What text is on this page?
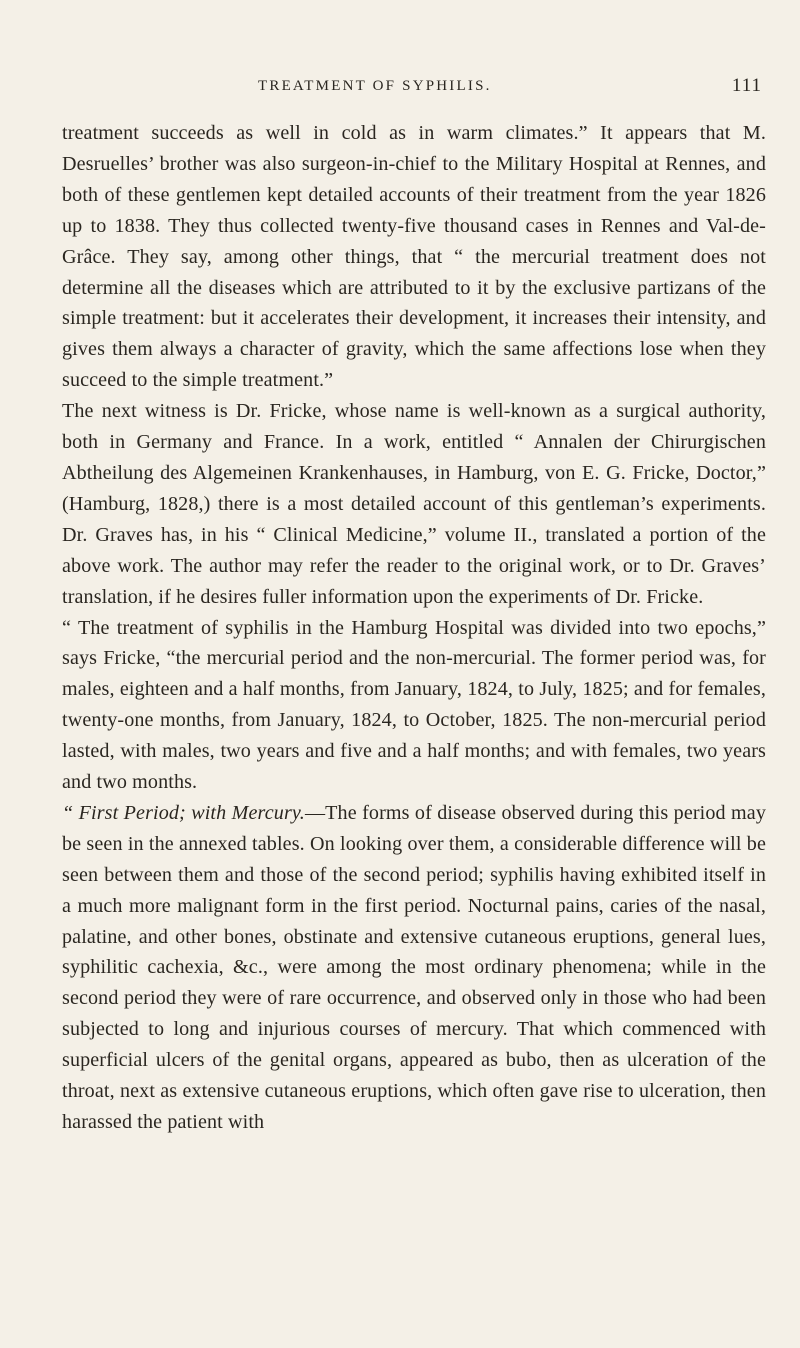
TREATMENT OF SYPHILIS.	111

treatment succeeds as well in cold as in warm climates.” It appears that M. Desruelles’ brother was also surgeon-in-chief to the Military Hospital at Rennes, and both of these gentlemen kept detailed accounts of their treatment from the year 1826 up to 1838. They thus collected twenty-five thousand cases in Rennes and Val-de-Grâce. They say, among other things, that “ the mercurial treatment does not determine all the diseases which are attributed to it by the exclusive partizans of the simple treatment: but it accelerates their development, it increases their intensity, and gives them always a character of gravity, which the same affections lose when they succeed to the simple treatment.”

The next witness is Dr. Fricke, whose name is well-known as a surgical authority, both in Germany and France. In a work, entitled “ Annalen der Chirurgischen Abtheilung des Algemeinen Krankenhauses, in Hamburg, von E. G. Fricke, Doctor,” (Hamburg, 1828,) there is a most detailed account of this gentleman’s experiments. Dr. Graves has, in his “ Clinical Medicine,” volume II., translated a portion of the above work. The author may refer the reader to the original work, or to Dr. Graves’ translation, if he desires fuller information upon the experiments of Dr. Fricke.

“ The treatment of syphilis in the Hamburg Hospital was divided into two epochs,” says Fricke, “the mercurial period and the non-mercurial. The former period was, for males, eighteen and a half months, from January, 1824, to July, 1825; and for females, twenty-one months, from January, 1824, to October, 1825. The non-mercurial period lasted, with males, two years and five and a half months; and with females, two years and two months.

“ First Period; with Mercury.—The forms of disease observed during this period may be seen in the annexed tables. On looking over them, a considerable difference will be seen between them and those of the second period; syphilis having exhibited itself in a much more malignant form in the first period. Nocturnal pains, caries of the nasal, palatine, and other bones, obstinate and extensive cutaneous eruptions, general lues, syphilitic cachexia, &c., were among the most ordinary phenomena; while in the second period they were of rare occurrence, and observed only in those who had been subjected to long and injurious courses of mercury. That which commenced with superficial ulcers of the genital organs, appeared as bubo, then as ulceration of the throat, next as extensive cutaneous eruptions, which often gave rise to ulceration, then harassed the patient with
